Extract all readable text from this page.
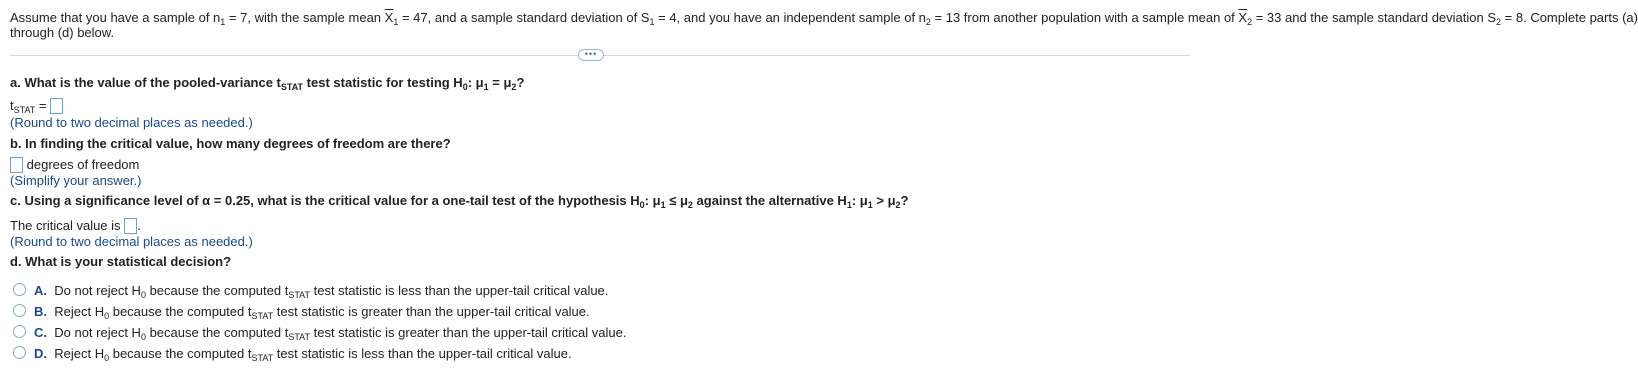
Assume that you have a sample of $n_1 = 7$, with the sample mean $\overline{X}_1 = 47$, and a sample standard deviation of $S_1 = 4$, and you have an independent sample of $n_2 = 13$ from another population with a sample mean of $\overline{X}_2 = 33$ and the sample standard deviation $S_2 = 8$. Complete parts (a)
through (d) below.
•••
a. What is the value of the pooled-variance $t_{STAT}$ test statistic for testing $H_0$: $\mu_1 = \mu_2$?
$t_{STAT}$ =
(Round to two decimal places as needed.)
b. In finding the critical value, how many degrees of freedom are there?
degrees of freedom
(Simplify your answer.)
c. Using a significance level of α = 0.25, what is the critical value for a one-tail test of the hypothesis $H_0$: $\mu_1 \le \mu_2$ against the alternative $H_1$: $\mu_1 > \mu_2$?
The critical value is .
(Round to two decimal places as needed.)
d. What is your statistical decision?
A. Do not reject $H_0$ because the computed $t_{STAT}$ test statistic is less than the upper-tail critical value.
B. Reject $H_0$ because the computed $t_{STAT}$ test statistic is greater than the upper-tail critical value.
C. Do not reject $H_0$ because the computed $t_{STAT}$ test statistic is greater than the upper-tail critical value.
D. Reject $H_0$ because the computed $t_{STAT}$ test statistic is less than the upper-tail critical value.
